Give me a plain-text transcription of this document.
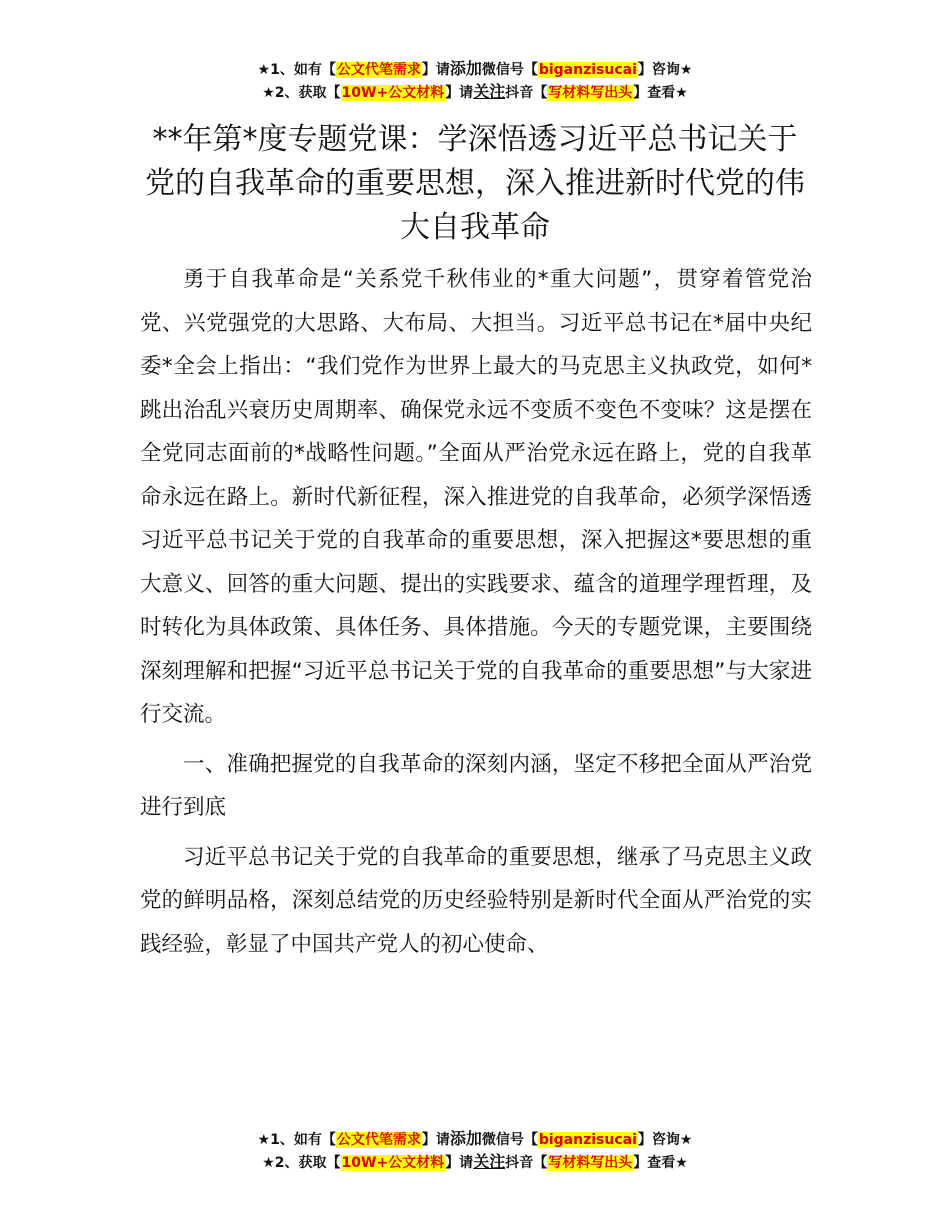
★1、如有【公文代笔需求】请添加微信号【biganzisucai】咨询★
★2、获取【10W+公文材料】请关注抖音【写材料写出头】查看★
**年第*度专题党课：学深悟透习近平总书记关于党的自我革命的重要思想，深入推进新时代党的伟大自我革命

勇于自我革命是“关系党千秋伟业的*重大问题”，贯穿着管党治党、兴党强党的大思路、大布局、大担当。习近平总书记在*届中央纪委*全会上指出：“我们党作为世界上最大的马克思主义执政党，如何*跳出治乱兴衰历史周期率、确保党永远不变质不变色不变味？这是摆在全党同志面前的*战略性问题。”全面从严治党永远在路上，党的自我革命永远在路上。新时代新征程，深入推进党的自我革命，必须学深悟透习近平总书记关于党的自我革命的重要思想，深入把握这*要思想的重大意义、回答的重大问题、提出的实践要求、蕴含的道理学理哲理，及时转化为具体政策、具体任务、具体措施。今天的专题党课，主要围绕深刻理解和把握“习近平总书记关于党的自我革命的重要思想”与大家进行交流。

一、准确把握党的自我革命的深刻内涵，坚定不移把全面从严治党进行到底

习近平总书记关于党的自我革命的重要思想，继承了马克思主义政党的鲜明品格，深刻总结党的历史经验特别是新时代全面从严治党的实践经验，彰显了中国共产党人的初心使命、

★1、如有【公文代笔需求】请添加微信号【biganzisucai】咨询★
★2、获取【10W+公文材料】请关注抖音【写材料写出头】查看★
